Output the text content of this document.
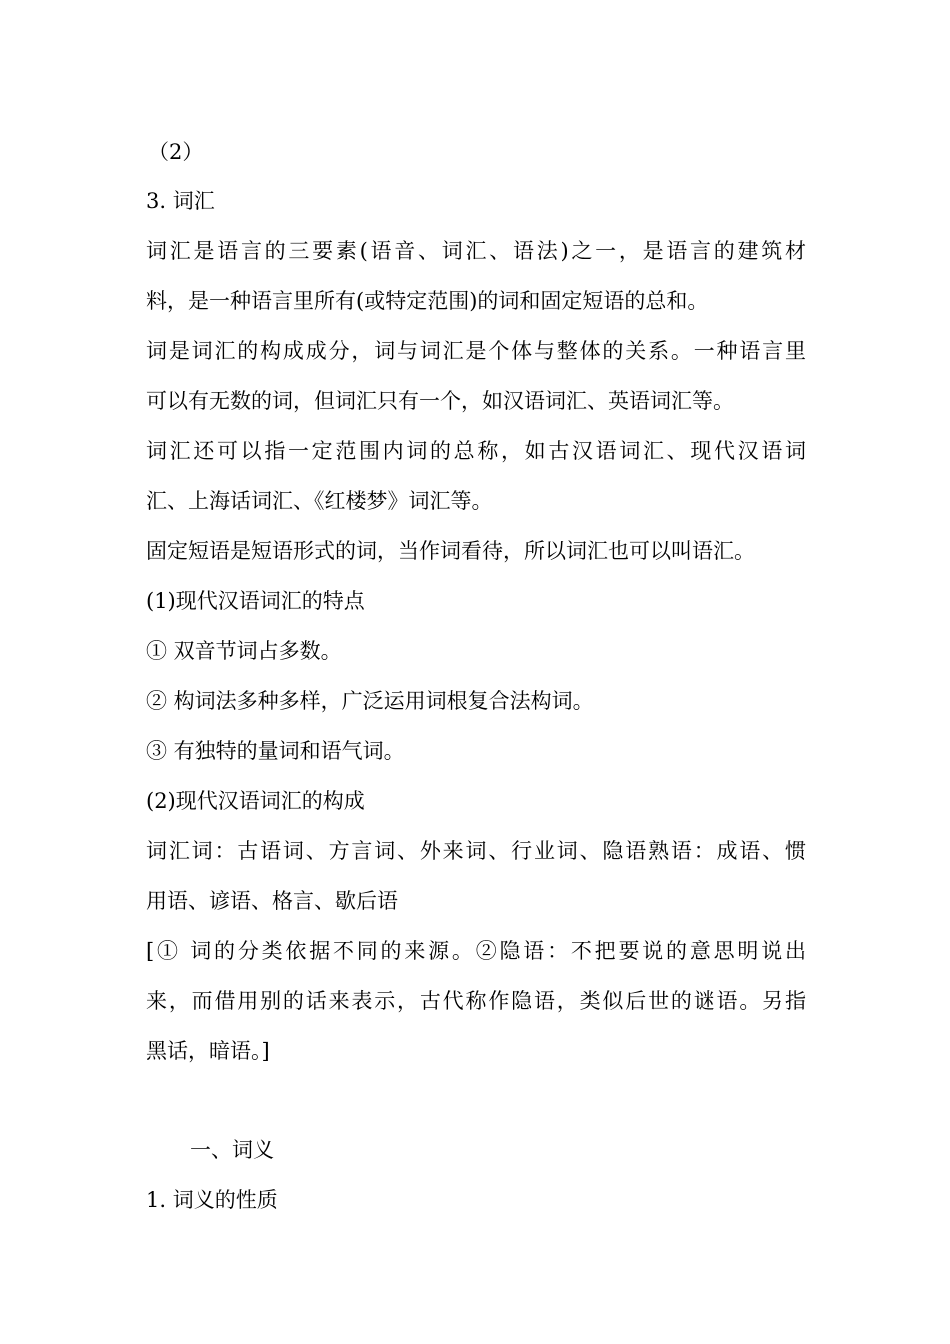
（2）
3. 词汇
词汇是语言的三要素(语音、词汇、语法)之一，是语言的建筑材
料，是一种语言里所有(或特定范围)的词和固定短语的总和。
词是词汇的构成成分，词与词汇是个体与整体的关系。一种语言里
可以有无数的词，但词汇只有一个，如汉语词汇、英语词汇等。
词汇还可以指一定范围内词的总称，如古汉语词汇、现代汉语词
汇、上海话词汇、《红楼梦》词汇等。
固定短语是短语形式的词，当作词看待，所以词汇也可以叫语汇。
(1)现代汉语词汇的特点
① 双音节词占多数。
② 构词法多种多样，广泛运用词根复合法构词。
③ 有独特的量词和语气词。
(2)现代汉语词汇的构成
词汇词：古语词、方言词、外来词、行业词、隐语熟语：成语、惯
用语、谚语、格言、歇后语
[① 词的分类依据不同的来源。②隐语：不把要说的意思明说出
来，而借用别的话来表示，古代称作隐语，类似后世的谜语。另指
黑话，暗语。]
一、词义
1. 词义的性质
